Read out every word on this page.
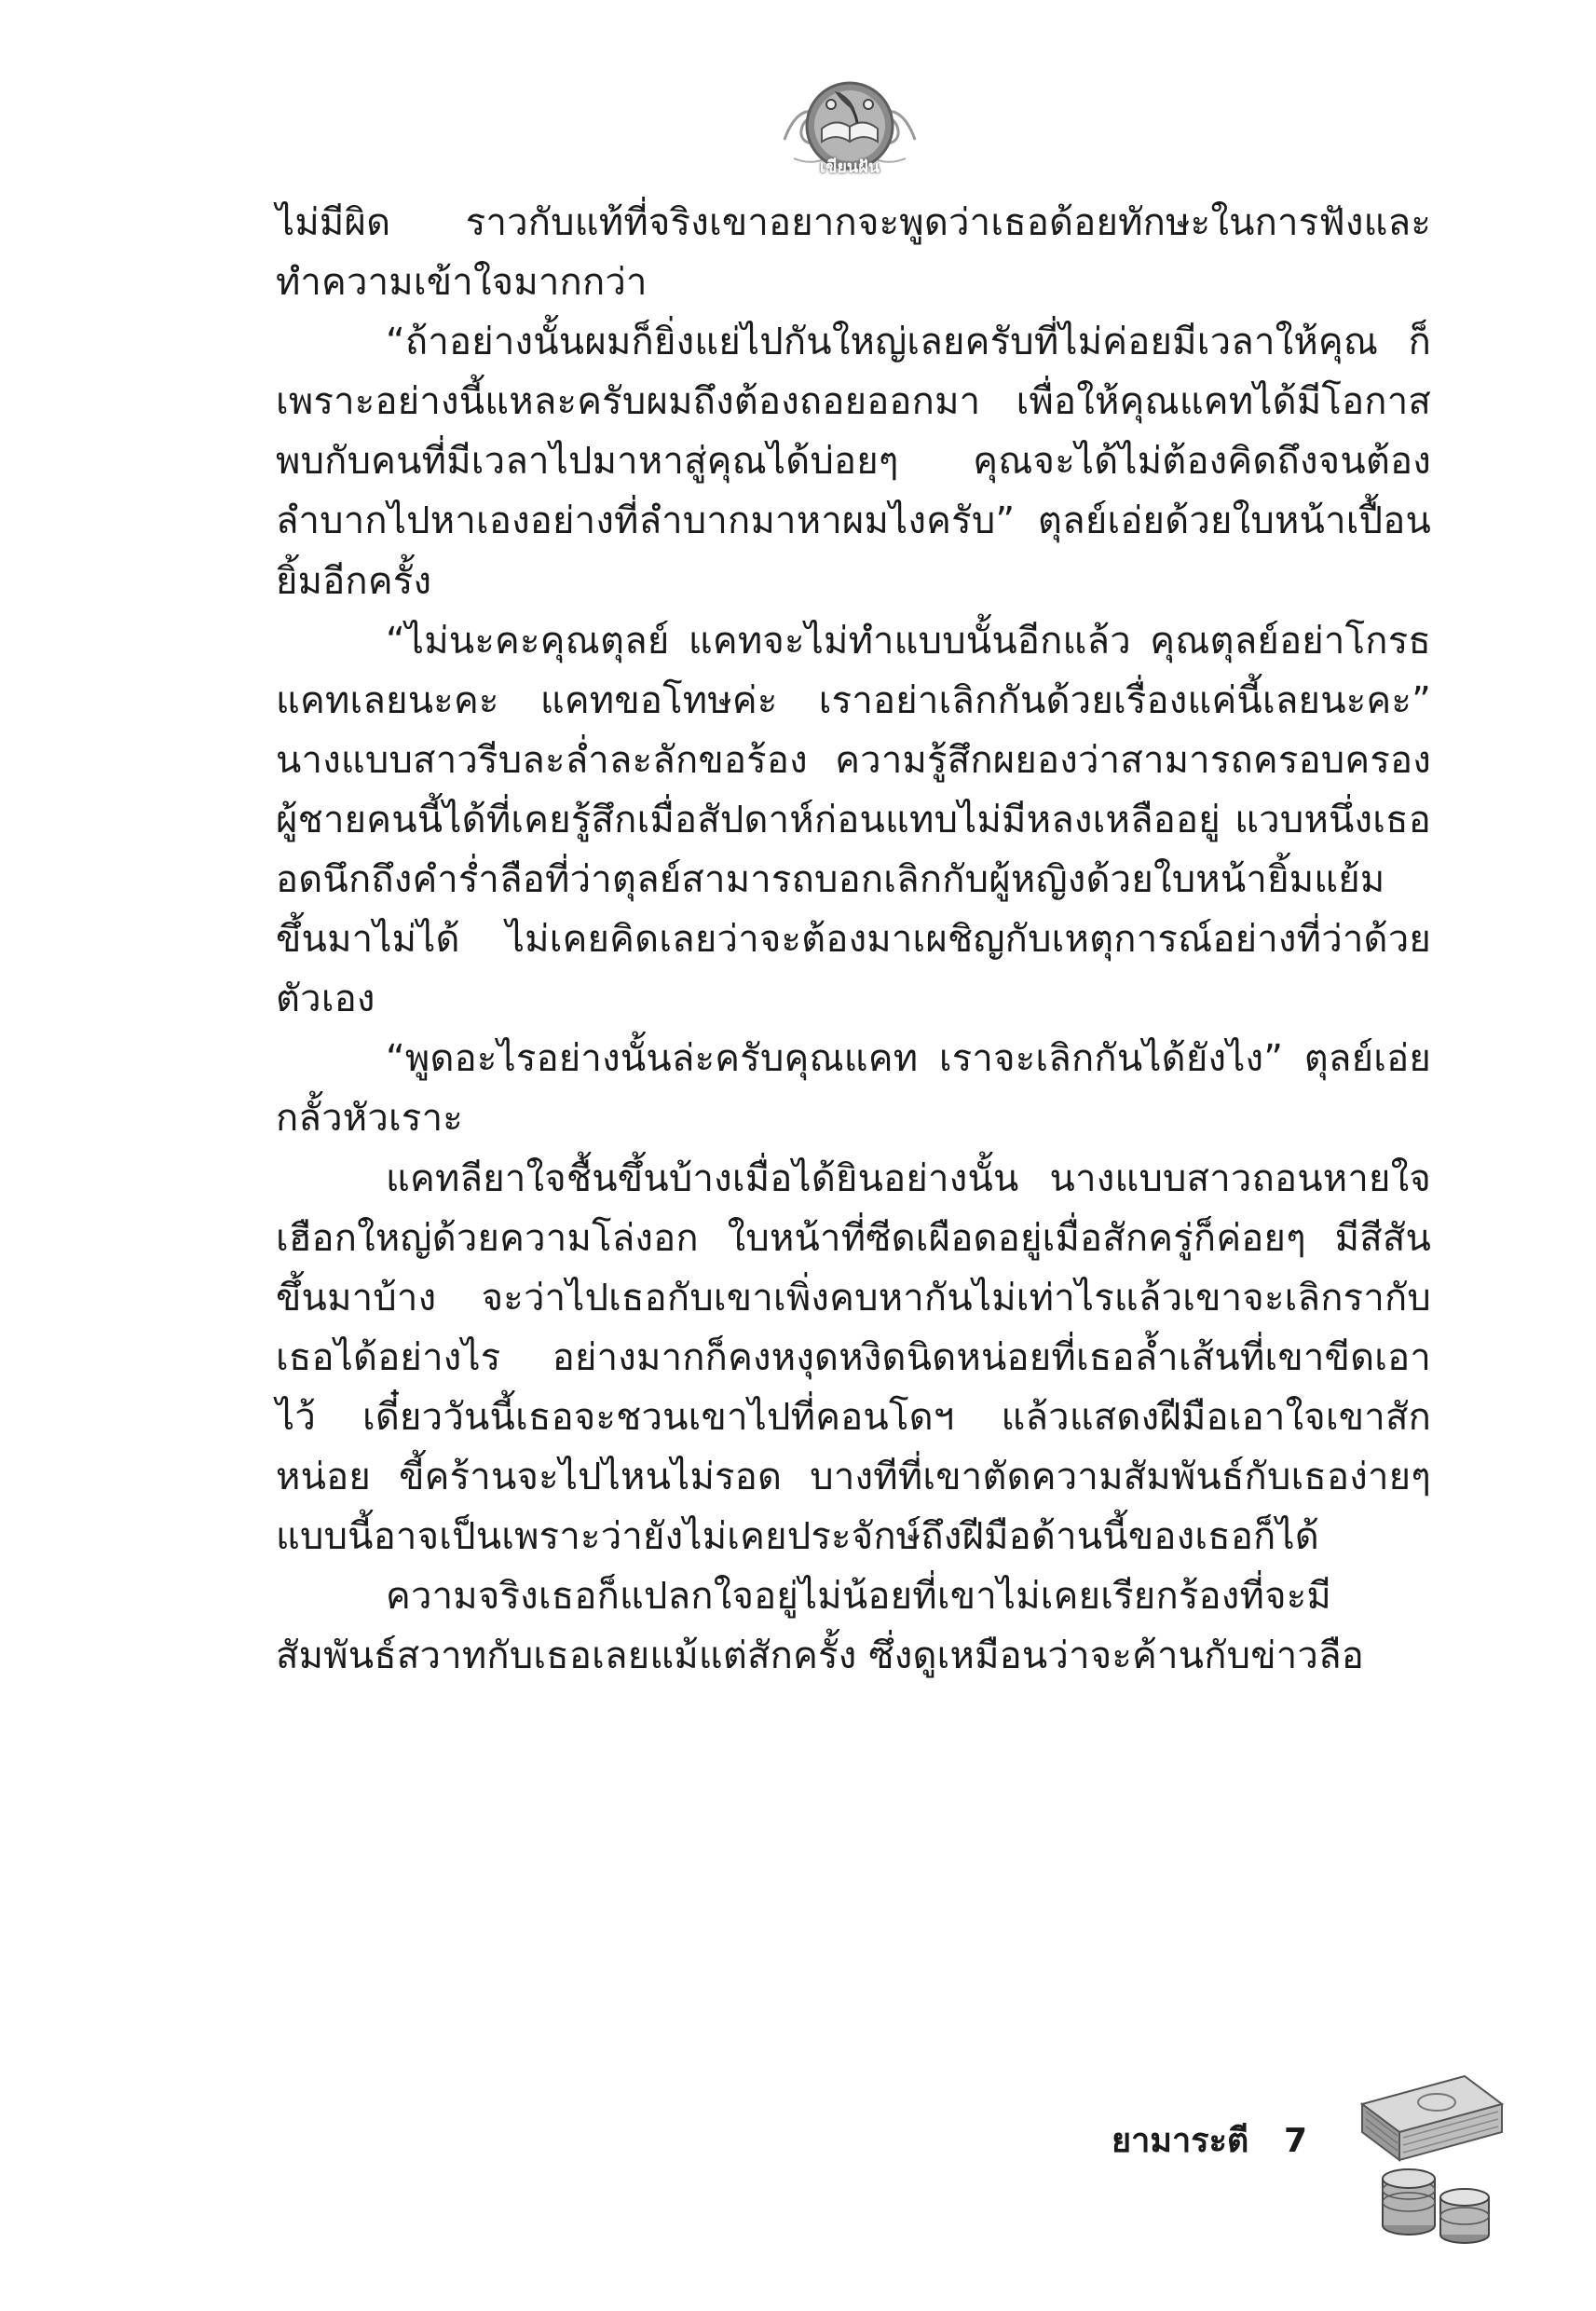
เขียนฝัน

ไม่มีผิด ราวกับแท้ที่จริงเขาอยากจะพูดว่าเธอด้อยทักษะในการฟังและทำความเข้าใจมากกว่า

“ถ้าอย่างนั้นผมก็ยิ่งแย่ไปกันใหญ่เลยครับที่ไม่ค่อยมีเวลาให้คุณ ก็เพราะอย่างนี้แหละครับผมถึงต้องถอยออกมา เพื่อให้คุณแคทได้มีโอกาสพบกับคนที่มีเวลาไปมาหาสู่คุณได้บ่อยๆ คุณจะได้ไม่ต้องคิดถึงจนต้องลำบากไปหาเองอย่างที่ลำบากมาหาผมไงครับ” ตุลย์เอ่ยด้วยใบหน้าเปื้อนยิ้มอีกครั้ง

“ไม่นะคะคุณตุลย์ แคทจะไม่ทำแบบนั้นอีกแล้ว คุณตุลย์อย่าโกรธแคทเลยนะคะ แคทขอโทษค่ะ เราอย่าเลิกกันด้วยเรื่องแค่นี้เลยนะคะ” นางแบบสาวรีบละล่ำละลักขอร้อง ความรู้สึกผยองว่าสามารถครอบครองผู้ชายคนนี้ได้ที่เคยรู้สึกเมื่อสัปดาห์ก่อนแทบไม่มีหลงเหลืออยู่ แวบหนึ่งเธออดนึกถึงคำร่ำลือที่ว่าตุลย์สามารถบอกเลิกกับผู้หญิงด้วยใบหน้ายิ้มแย้มขึ้นมาไม่ได้ ไม่เคยคิดเลยว่าจะต้องมาเผชิญกับเหตุการณ์อย่างที่ว่าด้วยตัวเอง

“พูดอะไรอย่างนั้นล่ะครับคุณแคท เราจะเลิกกันได้ยังไง” ตุลย์เอ่ยกลั้วหัวเราะ

แคทลียาใจชื้นขึ้นบ้างเมื่อได้ยินอย่างนั้น นางแบบสาวถอนหายใจเฮือกใหญ่ด้วยความโล่งอก ใบหน้าที่ซีดเผือดอยู่เมื่อสักครู่ก็ค่อยๆ มีสีสันขึ้นมาบ้าง จะว่าไปเธอกับเขาเพิ่งคบหากันไม่เท่าไรแล้วเขาจะเลิกรากับเธอได้อย่างไร อย่างมากก็คงหงุดหงิดนิดหน่อยที่เธอล้ำเส้นที่เขาขีดเอาไว้ เดี๋ยววันนี้เธอจะชวนเขาไปที่คอนโดฯ แล้วแสดงฝีมือเอาใจเขาสักหน่อย ขี้คร้านจะไปไหนไม่รอด บางทีที่เขาตัดความสัมพันธ์กับเธอง่ายๆ แบบนี้อาจเป็นเพราะว่ายังไม่เคยประจักษ์ถึงฝีมือด้านนี้ของเธอก็ได้

ความจริงเธอก็แปลกใจอยู่ไม่น้อยที่เขาไม่เคยเรียกร้องที่จะมีสัมพันธ์สวาทกับเธอเลยแม้แต่สักครั้ง ซึ่งดูเหมือนว่าจะค้านกับข่าวลือ

ยามาระตี 7
